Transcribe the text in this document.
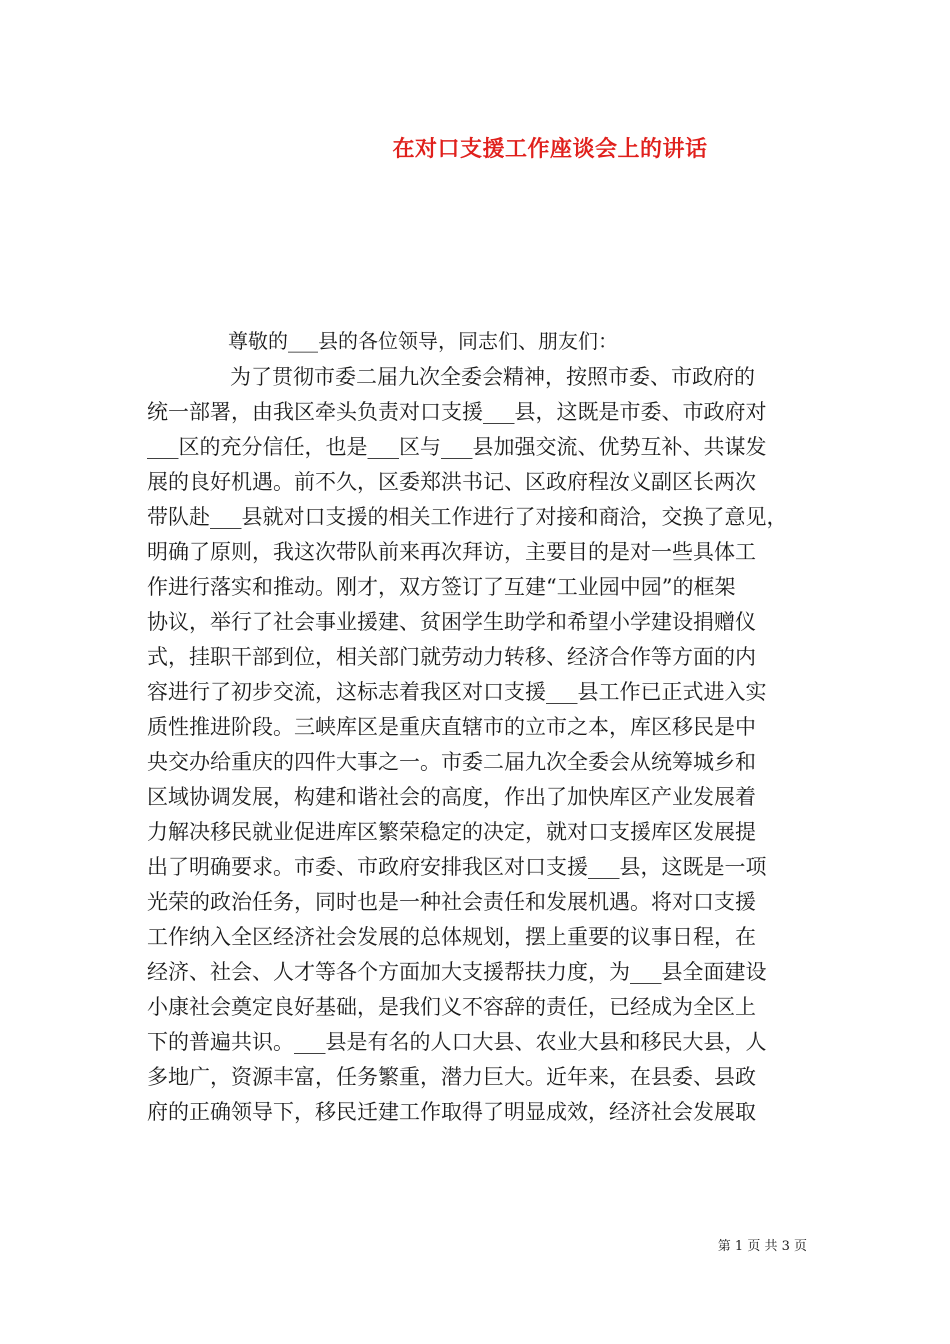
在对口支援工作座谈会上的讲话
尊敬的___县的各位领导，同志们、朋友们：
为了贯彻市委二届九次全委会精神，按照市委、市政府的
统一部署，由我区牵头负责对口支援___县，这既是市委、市政府对
___区的充分信任，也是___区与___县加强交流、优势互补、共谋发
展的良好机遇。前不久，区委郑洪书记、区政府程汝义副区长两次
带队赴___县就对口支援的相关工作进行了对接和商洽，交换了意见，
明确了原则，我这次带队前来再次拜访，主要目的是对一些具体工
作进行落实和推动。刚才，双方签订了互建“工业园中园”的框架
协议，举行了社会事业援建、贫困学生助学和希望小学建设捐赠仪
式，挂职干部到位，相关部门就劳动力转移、经济合作等方面的内
容进行了初步交流，这标志着我区对口支援___县工作已正式进入实
质性推进阶段。三峡库区是重庆直辖市的立市之本，库区移民是中
央交办给重庆的四件大事之一。市委二届九次全委会从统筹城乡和
区域协调发展，构建和谐社会的高度，作出了加快库区产业发展着
力解决移民就业促进库区繁荣稳定的决定，就对口支援库区发展提
出了明确要求。市委、市政府安排我区对口支援___县，这既是一项
光荣的政治任务，同时也是一种社会责任和发展机遇。将对口支援
工作纳入全区经济社会发展的总体规划，摆上重要的议事日程，在
经济、社会、人才等各个方面加大支援帮扶力度，为___县全面建设
小康社会奠定良好基础，是我们义不容辞的责任，已经成为全区上
下的普遍共识。___县是有名的人口大县、农业大县和移民大县，人
多地广，资源丰富，任务繁重，潜力巨大。近年来，在县委、县政
府的正确领导下，移民迁建工作取得了明显成效，经济社会发展取
第 1 页 共 3 页
